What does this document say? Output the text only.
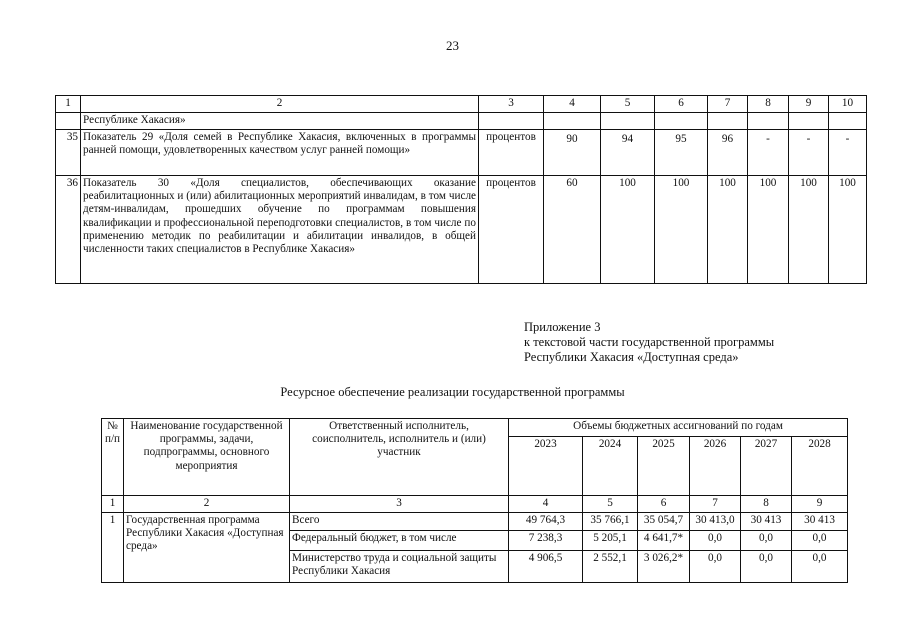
23
1	2	3	4	5	6	7	8	9	10
	Республике Хакасия»								
35	Показатель 29 «Доля семей в Республике Хакасия, включенных в программы ранней помощи, удовлетворенных качеством услуг ранней помощи»	процентов	90	94	95	96	-	-	-
36	Показатель 30 «Доля специалистов, обеспечивающих оказание реабилитационных и (или) абилитационных мероприятий инвалидам, в том числе детям-инвалидам, прошедших обучение по программам повышения квалификации и профессиональной переподготовки специалистов, в том числе по применению методик по реабилитации и абилитации инвалидов, в общей численности таких специалистов в Республике Хакасия»	процентов	60	100	100	100	100	100	100
Приложение 3
к текстовой части государственной программы
Республики Хакасия «Доступная среда»
Ресурсное обеспечение реализации государственной программы
№ п/п	Наименование государственной программы, задачи, подпрограммы, основного мероприятия	Ответственный исполнитель, соисполнитель, исполнитель и (или) участник	Объемы бюджетных ассигнований по годам					
			2023	2024	2025	2026	2027	2028
1	2	3	4	5	6	7	8	9
1	Государственная программа Республики Хакасия «Доступная среда»	Всего	49 764,3	35 766,1	35 054,7	30 413,0	30 413	30 413
		Федеральный бюджет, в том числе	7 238,3	5 205,1	4 641,7*	0,0	0,0	0,0
		Министерство труда и социальной защиты Республики Хакасия	4 906,5	2 552,1	3 026,2*	0,0	0,0	0,0
